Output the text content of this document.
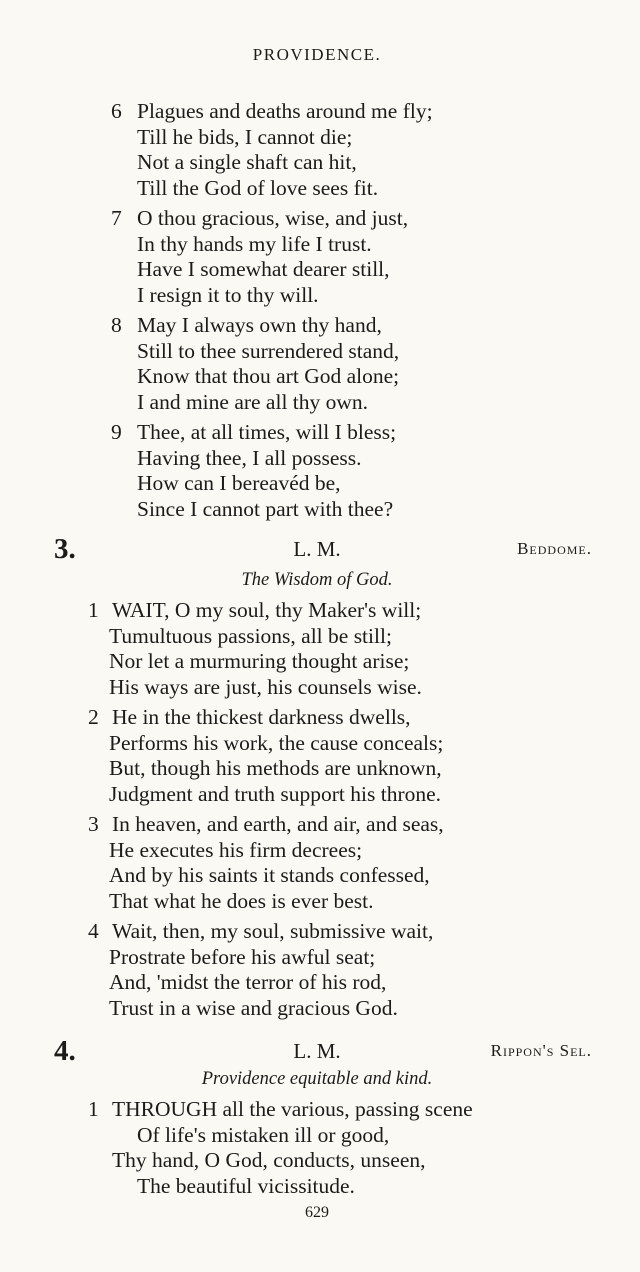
PROVIDENCE.
6 Plagues and deaths around me fly;
Till he bids, I cannot die;
Not a single shaft can hit,
Till the God of love sees fit.
7 O thou gracious, wise, and just,
In thy hands my life I trust.
Have I somewhat dearer still,
I resign it to thy will.
8 May I always own thy hand,
Still to thee surrendered stand,
Know that thou art God alone;
I and mine are all thy own.
9 Thee, at all times, will I bless;
Having thee, I all possess.
How can I bereavéd be,
Since I cannot part with thee?
3.	L. M.	Beddome.
The Wisdom of God.
1 WAIT, O my soul, thy Maker's will;
Tumultuous passions, all be still;
Nor let a murmuring thought arise;
His ways are just, his counsels wise.
2 He in the thickest darkness dwells,
Performs his work, the cause conceals;
But, though his methods are unknown,
Judgment and truth support his throne.
3 In heaven, and earth, and air, and seas,
He executes his firm decrees;
And by his saints it stands confessed,
That what he does is ever best.
4 Wait, then, my soul, submissive wait,
Prostrate before his awful seat;
And, 'midst the terror of his rod,
Trust in a wise and gracious God.
4.	L. M.	Rippon's Sel.
Providence equitable and kind.
1 THROUGH all the various, passing scene
Of life's mistaken ill or good,
Thy hand, O God, conducts, unseen,
The beautiful vicissitude.
629
